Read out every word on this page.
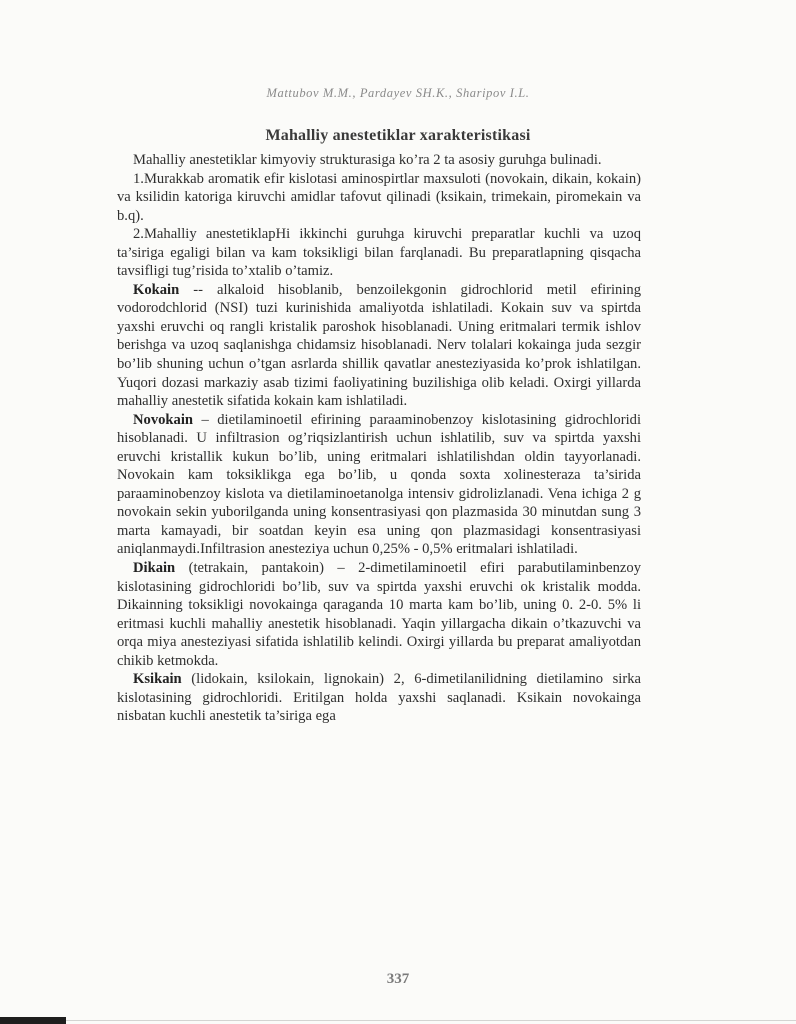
Mattubov M.M., Pardayev SH.K., Sharipov I.L.
Mahalliy anestetiklar xarakteristikasi

Mahalliy anestetiklar kimyoviy strukturasiga ko’ra 2 ta asosiy guruhga bulinadi.

1.Murakkab aromatik efir kislotasi aminospirtlar maxsuloti (novokain, dikain, kokain) va ksilidin katoriga kiruvchi amidlar tafovut qilinadi (ksikain, trimekain, piromekain va b.q).

2.Mahalliy anestetiklapHi ikkinchi guruhga kiruvchi preparatlar kuchli va uzoq ta’siriga egaligi bilan va kam toksikligi bilan farqlanadi. Bu preparatlapning qisqacha tavsifligi tug’risida to’xtalib o’tamiz.

Kokain -- alkaloid hisoblanib, benzoilekgonin gidrochlorid metil efirining vodorodchlorid (NSI) tuzi kurinishida amaliyotda ishlatiladi. Kokain suv va spirtda yaxshi eruvchi oq rangli kristalik paroshok hisoblanadi. Uning eritmalari termik ishlov berishga va uzoq saqlanishga chidamsiz hisoblanadi. Nerv tolalari kokainga juda sezgir bo’lib shuning uchun o’tgan asrlarda shillik qavatlar anesteziyasida ko’prok ishlatilgan. Yuqori dozasi markaziy asab tizimi faoliyatining buzilishiga olib keladi. Oxirgi yillarda mahalliy anestetik sifatida kokain kam ishlatiladi.

Novokain – dietilaminoetil efirining paraaminobenzoy kislotasining gidrochloridi hisoblanadi. U infiltrasion og’riqsizlantirish uchun ishlatilib, suv va spirtda yaxshi eruvchi kristallik kukun bo’lib, uning eritmalari ishlatilishdan oldin tayyorlanadi. Novokain kam toksiklikga ega bo’lib, u qonda soxta xolinesteraza ta’sirida paraaminobenzoy kislota va dietilaminoetanolga intensiv gidrolizlanadi. Vena ichiga 2 g novokain sekin yuborilganda uning konsentrasiyasi qon plazmasida 30 minutdan sung 3 marta kamayadi, bir soatdan keyin esa uning qon plazmasidagi konsentrasiyasi aniqlanmaydi.Infiltrasion anesteziya uchun 0,25% - 0,5% eritmalari ishlatiladi.

Dikain (tetrakain, pantakoin) – 2-dimetilaminoetil efiri parabutilaminbenzoy kislotasining gidrochloridi bo’lib, suv va spirtda yaxshi eruvchi ok kristalik modda. Dikainning toksikligi novokainga qaraganda 10 marta kam bo’lib, uning 0. 2-0. 5% li eritmasi kuchli mahalliy anestetik hisoblanadi. Yaqin yillargacha dikain o’tkazuvchi va orqa miya anesteziyasi sifatida ishlatilib kelindi. Oxirgi yillarda bu preparat amaliyotdan chikib ketmokda.

Ksikain (lidokain, ksilokain, lignokain) 2, 6-dimetilanilidning dietilamino sirka kislotasining gidrochloridi. Eritilgan holda yaxshi saqlanadi. Ksikain novokainga nisbatan kuchli anestetik ta’siriga ega

337
